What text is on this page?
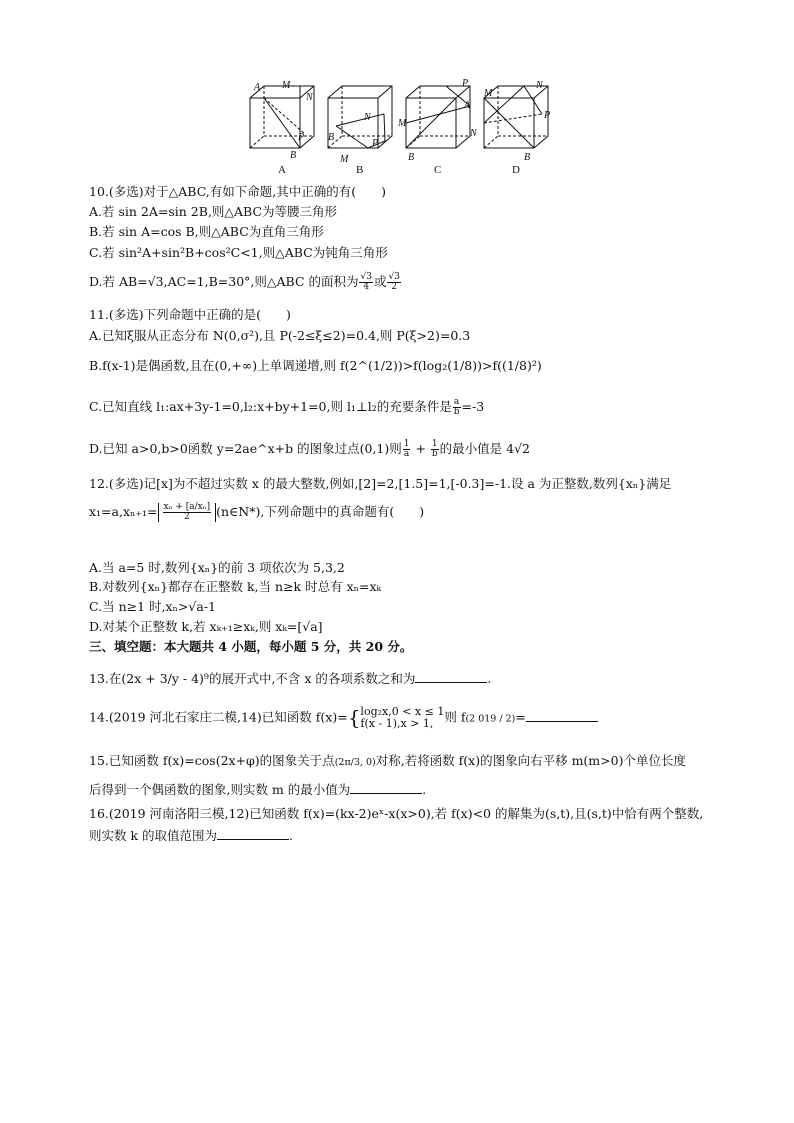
A M
N
P
B
B
N
M
P
P
A
M
B
N
N
P
B
M
A	B	C	D
10.(多选)对于△ABC,有如下命题,其中正确的有(　　)
A.若 sin 2A=sin 2B,则△ABC为等腰三角形
B.若 sin A=cos B,则△ABC为直角三角形
C.若 sin²A+sin²B+cos²C<1,则△ABC为钝角三角形
D.若 AB=√3,AC=1,B=30°,则△ABC 的面积为 $\frac{√3}{4}$ 或 $\frac{√3}{2}$
11.(多选)下列命题中正确的是(　　)
A.已知ξ服从正态分布 N(0,σ²),且 P(-2≤ξ≤2)=0.4,则 P(ξ>2)=0.3
B.f(x-1)是偶函数,且在(0,+∞)上单调递增,则 f(2^(1/2))>f(log₂(1/8))>f((1/8)²)
C.已知直线 l₁:ax+3y-1=0,l₂:x+by+1=0,则 l₁⊥l₂的充要条件是 $\frac{a}{b} =-3$
D.已知 a>0,b>0函数 y=2ae^x+b 的图象过点(0,1)则 $\frac{1}{a} + \frac{1}{b}$ 的最小值是 4√2
12.(多选)记[x]为不超过实数 x 的最大整数,例如,[2]=2,[1.5]=1,[-0.3]=-1.设 a 为正整数,数列{xₙ}满足
$x_1=a,x_{n+1}= \frac{\text{xₙ + [a/xₙ]}}{2}$ (n∈N*),下列命题中的真命题有(　　)
A.当 a=5 时,数列{xₙ}的前 3 项依次为 5,3,2
B.对数列{xₙ}都存在正整数 k,当 n≥k 时总有 xₙ=xₖ
C.当 n≥1 时,xₙ>√a-1
D.对某个正整数 k,若 xₖ₊₁≥xₖ,则 xₖ=[√a]
三、填空题：本大题共 4 小题，每小题 5 分，共 20 分。
13.在(2x + 3/y - 4)⁹的展开式中,不含 x 的各项系数之和为	.
14.(2019 河北石家庄二模,14)已知函数 f(x)={ log₂x,0 < x ≤ 1
f(x - 1),x > 1, 则 f(2 019 / 2)=
15.已知函数 f(x)=cos(2x+φ)的图象关于点(2π/3, 0)对称,若将函数 f(x)的图象向右平移 m(m>0)个单位长度
后得到一个偶函数的图象,则实数 m 的最小值为	.
16.(2019 河南洛阳三模,12)已知函数 f(x)=(kx-2)eˣ-x(x>0),若 f(x)<0 的解集为(s,t),且(s,t)中恰有两个整数,
则实数 k 的取值范围为	.
